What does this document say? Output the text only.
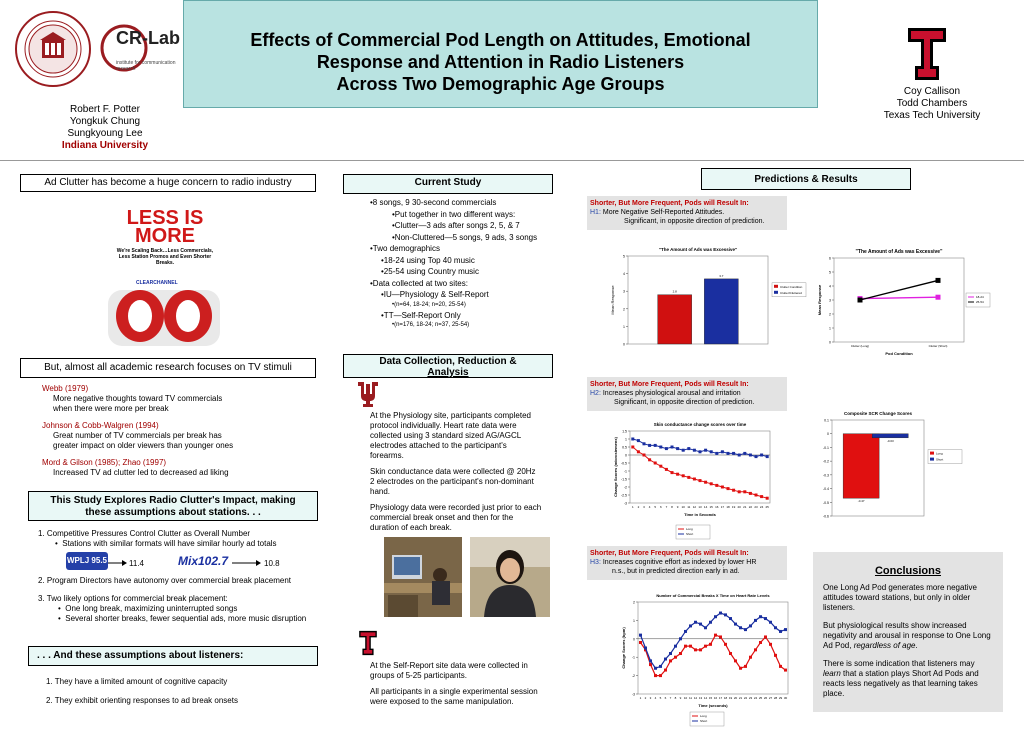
CR-Lab
institute for communication research
Effects of Commercial Pod Length on Attitudes, Emotional
Response and Attention in Radio Listeners
Across Two Demographic Age Groups
Robert F. Potter
Yongkuk Chung
Sungkyoung Lee
Indiana University
Coy Callison
Todd Chambers
Texas Tech University
Ad Clutter has become a huge concern to radio industry
LESS IS
MORE
We're Scaling Back…Less Commercials, Less Station Promos and Even Shorter Breaks.
CLEARCHANNEL
But, almost all academic research focuses on TV stimuli
Webb (1979)
More negative thoughts toward TV commercials
when there were more per break
Johnson & Cobb-Walgren (1994)
Great number of TV commercials per break has
greater impact on older viewers than younger ones
Mord & Gilson (1985); Zhao (1997)
Increased TV ad clutter led to decreased ad liking
This Study Explores Radio Clutter's Impact, making
these assumptions about stations. . .
1. Competitive Pressures Control Clutter as Overall Number
•  Stations with similar formats will have similar hourly ad totals
WPLJ 95.5	11.4	Mix102.7	10.8
2. Program Directors have autonomy over commercial break placement
3. Two likely options for commercial break placement:
•  One long break, maximizing uninterrupted songs
•  Several shorter breaks, fewer sequential ads, more music disruption
. . . And these assumptions about listeners:
1. They have a limited amount of cognitive capacity
2. They exhibit orienting responses to ad break onsets
Current Study
•8 songs, 9 30-second commercials
•Put together in two different ways:
•Clutter—3 ads after songs 2, 5, & 7
•Non-Cluttered—5 songs, 9 ads, 3 songs
•Two demographics
•18-24 using Top 40 music
•25-54 using Country music
•Data collected at two sites:
•IU—Physiology & Self-Report
•(n=64, 18-24; n=20, 25-54)
•TT—Self-Report Only
•(n=176, 18-24; n=37, 25-54)
Data Collection, Reduction &
Analysis
At the Physiology site, participants completed protocol individually. Heart rate data were collected using 3 standard sized AG/AGCL electrodes attached to the participant's forearms.
Skin conductance data were collected @ 20Hz 2 electrodes on the participant's non-dominant hand.
Physiology data were recorded just prior to each commercial break onset and then for the duration of each break.
At the Self-Report site data were collected in groups of 5-25 participants.
All participants in a single experimental session were exposed to the same manipulation.
Predictions & Results
Shorter, But More Frequent, Pods will Result In:
H1: More Negative Self-Reported Attitudes.
Significant, in opposite direction of prediction.
"The Amount of Ads was Excessive"
Mean Response
0
1
2
3
4
5
2.8
3.7
Clutter Condition
Clutter/Cluttered
"The Amount of Ads was Excessive"
Mean Response
Pod Condition
0
1
2
3
4
5
6
Clutter (Long)	Clutter (Short)
18-24
25-54
Shorter, But More Frequent, Pods will Result In:
H2: Increases physiological arousal and irritation
Significant, in opposite direction of prediction.
Skin conductance change scores over time
Change Scores (microsiemens)
Time in Seconds
-3
-2.5
-2
-1.5
-1
-0.5
0
0.5
1
1.5
1 2 3 4 5 6 7 8 9 10 11 12 13 14 15 16 17 18 19 20 21 22 23 24 25
Long
Short
Composite SCR Change Scores
-0.6
-0.5
-0.4
-0.3
-0.2
-0.1
0
0.1
-0.47
-0.03
Long
Short
Shorter, But More Frequent, Pods will Result In:
H3: Increases cognitive effort as indexed by lower HR
n.s., but in predicted direction early in ad.
Number of Commercial Breaks X Time on Heart Rate Levels
Change Scores (bpm)
Time (seconds)
-3
-2
-1
0
1
2
1 2 3 4 5 6 7 8 9 10 11 12 13 14 15 16 17 18 19 20 21 22 23 24 25 26 27 28 29 30
Long
Short
Conclusions
One Long Ad Pod generates more negative attitudes toward stations, but only in older listeners.
But physiological results show increased negativity and arousal in response to One Long Ad Pod, regardless of age.
There is some indication that listeners may learn that a station plays Short Ad Pods and reacts less negatively as that learning takes place.
